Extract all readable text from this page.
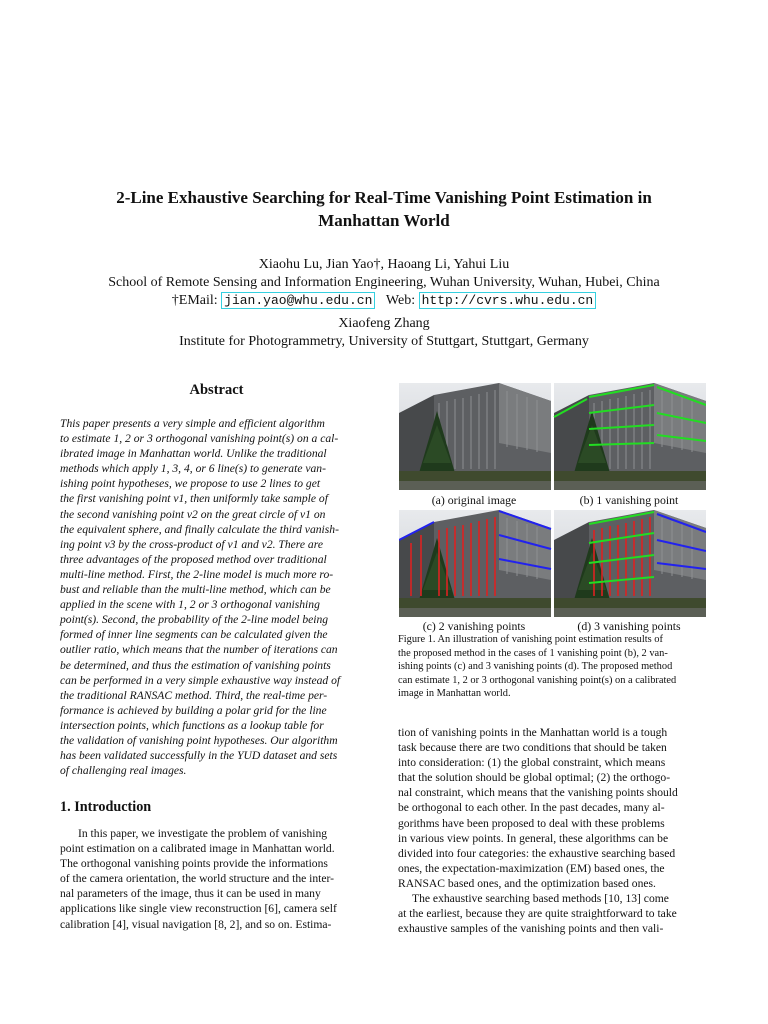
2-Line Exhaustive Searching for Real-Time Vanishing Point Estimation in
Manhattan World
Xiaohu Lu, Jian Yao†, Haoang Li, Yahui Liu
School of Remote Sensing and Information Engineering, Wuhan University, Wuhan, Hubei, China
†EMail: jian.yao@whu.edu.cn Web: http://cvrs.whu.edu.cn
Xiaofeng Zhang
Institute for Photogrammetry, University of Stuttgart, Stuttgart, Germany
Abstract
This paper presents a very simple and efficient algorithm
to estimate 1, 2 or 3 orthogonal vanishing point(s) on a cal-
ibrated image in Manhattan world. Unlike the traditional
methods which apply 1, 3, 4, or 6 line(s) to generate van-
ishing point hypotheses, we propose to use 2 lines to get
the first vanishing point v1, then uniformly take sample of
the second vanishing point v2 on the great circle of v1 on
the equivalent sphere, and finally calculate the third vanish-
ing point v3 by the cross-product of v1 and v2. There are
three advantages of the proposed method over traditional
multi-line method. First, the 2-line model is much more ro-
bust and reliable than the multi-line method, which can be
applied in the scene with 1, 2 or 3 orthogonal vanishing
point(s). Second, the probability of the 2-line model being
formed of inner line segments can be calculated given the
outlier ratio, which means that the number of iterations can
be determined, and thus the estimation of vanishing points
can be performed in a very simple exhaustive way instead of
the traditional RANSAC method. Third, the real-time per-
formance is achieved by building a polar grid for the line
intersection points, which functions as a lookup table for
the validation of vanishing point hypotheses. Our algorithm
has been validated successfully in the YUD dataset and sets
of challenging real images.
1. Introduction
In this paper, we investigate the problem of vanishing
point estimation on a calibrated image in Manhattan world.
The orthogonal vanishing points provide the informations
of the camera orientation, the world structure and the inter-
nal parameters of the image, thus it can be used in many
applications like single view reconstruction [6], camera self
calibration [4], visual navigation [8, 2], and so on. Estima-
(a) original image	(b) 1 vanishing point
(c) 2 vanishing points	(d) 3 vanishing points
Figure 1. An illustration of vanishing point estimation results of
the proposed method in the cases of 1 vanishing point (b), 2 van-
ishing points (c) and 3 vanishing points (d). The proposed method
can estimate 1, 2 or 3 orthogonal vanishing point(s) on a calibrated
image in Manhattan world.
tion of vanishing points in the Manhattan world is a tough
task because there are two conditions that should be taken
into consideration: (1) the global constraint, which means
that the solution should be global optimal; (2) the orthogo-
nal constraint, which means that the vanishing points should
be orthogonal to each other. In the past decades, many al-
gorithms have been proposed to deal with these problems
in various view points. In general, these algorithms can be
divided into four categories: the exhaustive searching based
ones, the expectation-maximization (EM) based ones, the
RANSAC based ones, and the optimization based ones.
The exhaustive searching based methods [10, 13] come
at the earliest, because they are quite straightforward to take
exhaustive samples of the vanishing points and then vali-
